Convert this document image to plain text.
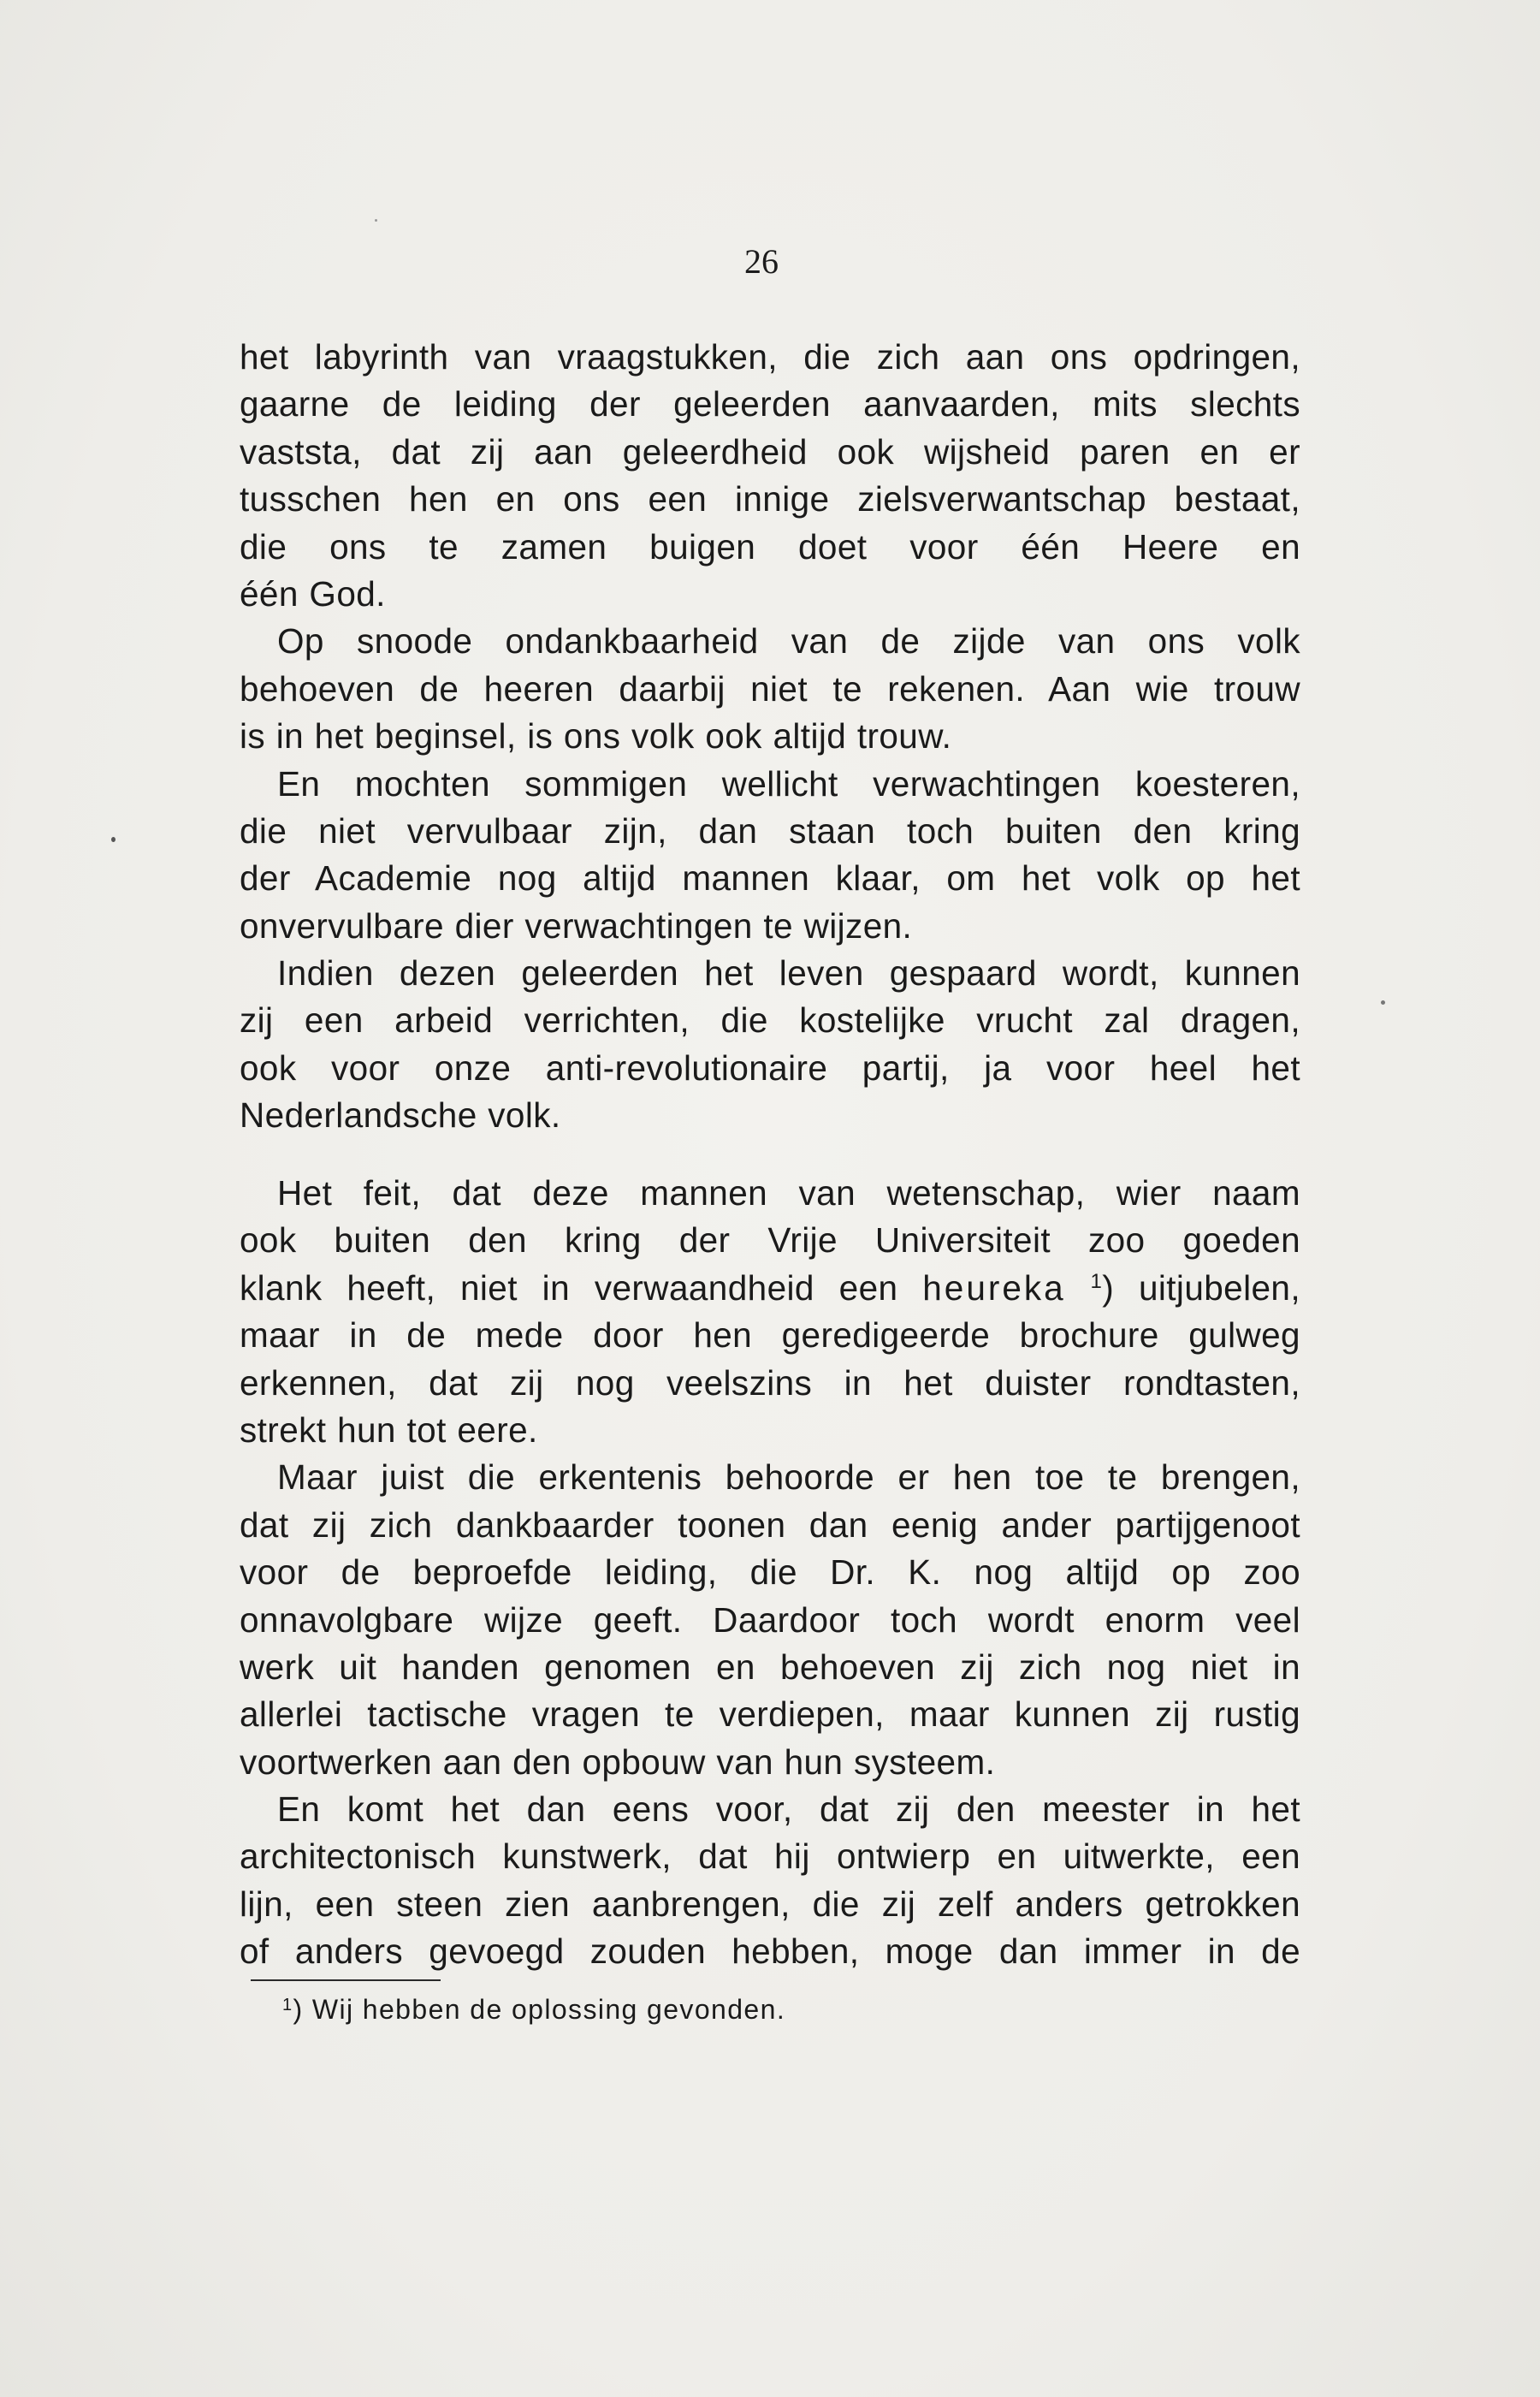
26
het labyrinth van vraagstukken, die zich aan ons opdringen,
gaarne de leiding der geleerden aanvaarden, mits slechts
vaststa, dat zij aan geleerdheid ook wijsheid paren en er
tusschen hen en ons een innige zielsverwantschap bestaat,
die ons te zamen buigen doet voor één Heere en
één God.
Op snoode ondankbaarheid van de zijde van ons volk
behoeven de heeren daarbij niet te rekenen. Aan wie trouw
is in het beginsel, is ons volk ook altijd trouw.
En mochten sommigen wellicht verwachtingen koesteren,
die niet vervulbaar zijn, dan staan toch buiten den kring
der Academie nog altijd mannen klaar, om het volk op het
onvervulbare dier verwachtingen te wijzen.
Indien dezen geleerden het leven gespaard wordt, kunnen
zij een arbeid verrichten, die kostelijke vrucht zal dragen,
ook voor onze anti-revolutionaire partij, ja voor heel het
Nederlandsche volk.
Het feit, dat deze mannen van wetenschap, wier naam
ook buiten den kring der Vrije Universiteit zoo goeden
klank heeft, niet in verwaandheid een heureka $^1$) uitjubelen,
maar in de mede door hen geredigeerde brochure gulweg
erkennen, dat zij nog veelszins in het duister rondtasten,
strekt hun tot eere.
Maar juist die erkentenis behoorde er hen toe te brengen,
dat zij zich dankbaarder toonen dan eenig ander partijgenoot
voor de beproefde leiding, die Dr. K. nog altijd op zoo
onnavolgbare wijze geeft. Daardoor toch wordt enorm veel
werk uit handen genomen en behoeven zij zich nog niet in
allerlei tactische vragen te verdiepen, maar kunnen zij rustig
voortwerken aan den opbouw van hun systeem.
En komt het dan eens voor, dat zij den meester in het
architectonisch kunstwerk, dat hij ontwierp en uitwerkte, een
lijn, een steen zien aanbrengen, die zij zelf anders getrokken
of anders gevoegd zouden hebben, moge dan immer in de
$^1$) Wij hebben de oplossing gevonden.
